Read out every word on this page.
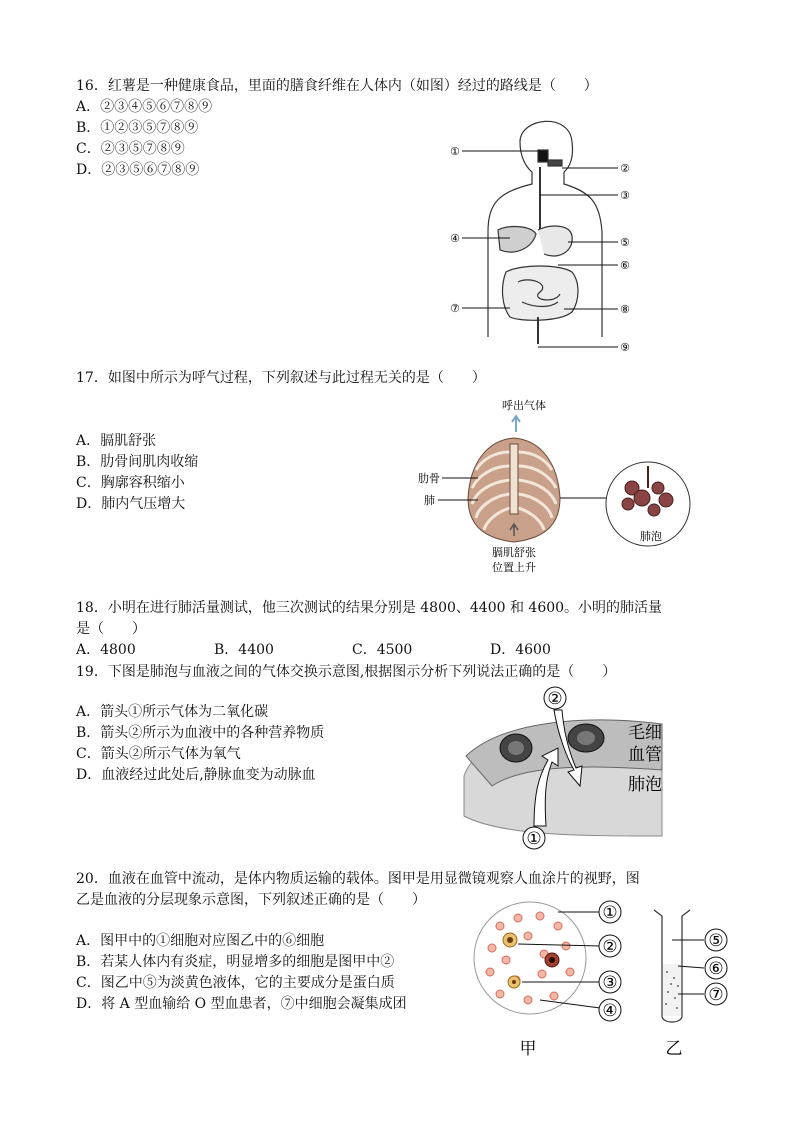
16．红薯是一种健康食品，里面的膳食纤维在人体内（如图）经过的路线是（　　）
A．②③④⑤⑥⑦⑧⑨
B．①②③⑤⑦⑧⑨
C．②③⑤⑦⑧⑨
D．②③⑤⑥⑦⑧⑨
①
②
③
④	⑤
⑥
⑦	⑧
⑨
17．如图中所示为呼气过程，下列叙述与此过程无关的是（　　）
A．膈肌舒张
B．肋骨间肌肉收缩
C．胸廓容积缩小
D．肺内气压增大
呼出气体
肋骨
肺
膈肌舒张
位置上升
肺泡
18．小明在进行肺活量测试，他三次测试的结果分别是 4800、4400 和 4600。小明的肺活量
是（　　）
A．4800	B．4400	C．4500	D．4600
19．下图是肺泡与血液之间的气体交换示意图,根据图示分析下列说法正确的是（　　）
A．箭头①所示气体为二氧化碳
B．箭头②所示为血液中的各种营养物质
C．箭头②所示气体为氧气
D．血液经过此处后,静脉血变为动脉血
②
①
毛细
血管
肺泡
20．血液在血管中流动，是体内物质运输的载体。图甲是用显微镜观察人血涂片的视野，图
乙是血液的分层现象示意图，下列叙述正确的是（　　）
A．图甲中的①细胞对应图乙中的⑥细胞
B．若某人体内有炎症，明显增多的细胞是图甲中②
C．图乙中⑤为淡黄色液体，它的主要成分是蛋白质
D．将 A 型血输给 O 型血患者，⑦中细胞会凝集成团
①
②
③
④
甲
⑤
⑥
⑦
乙
